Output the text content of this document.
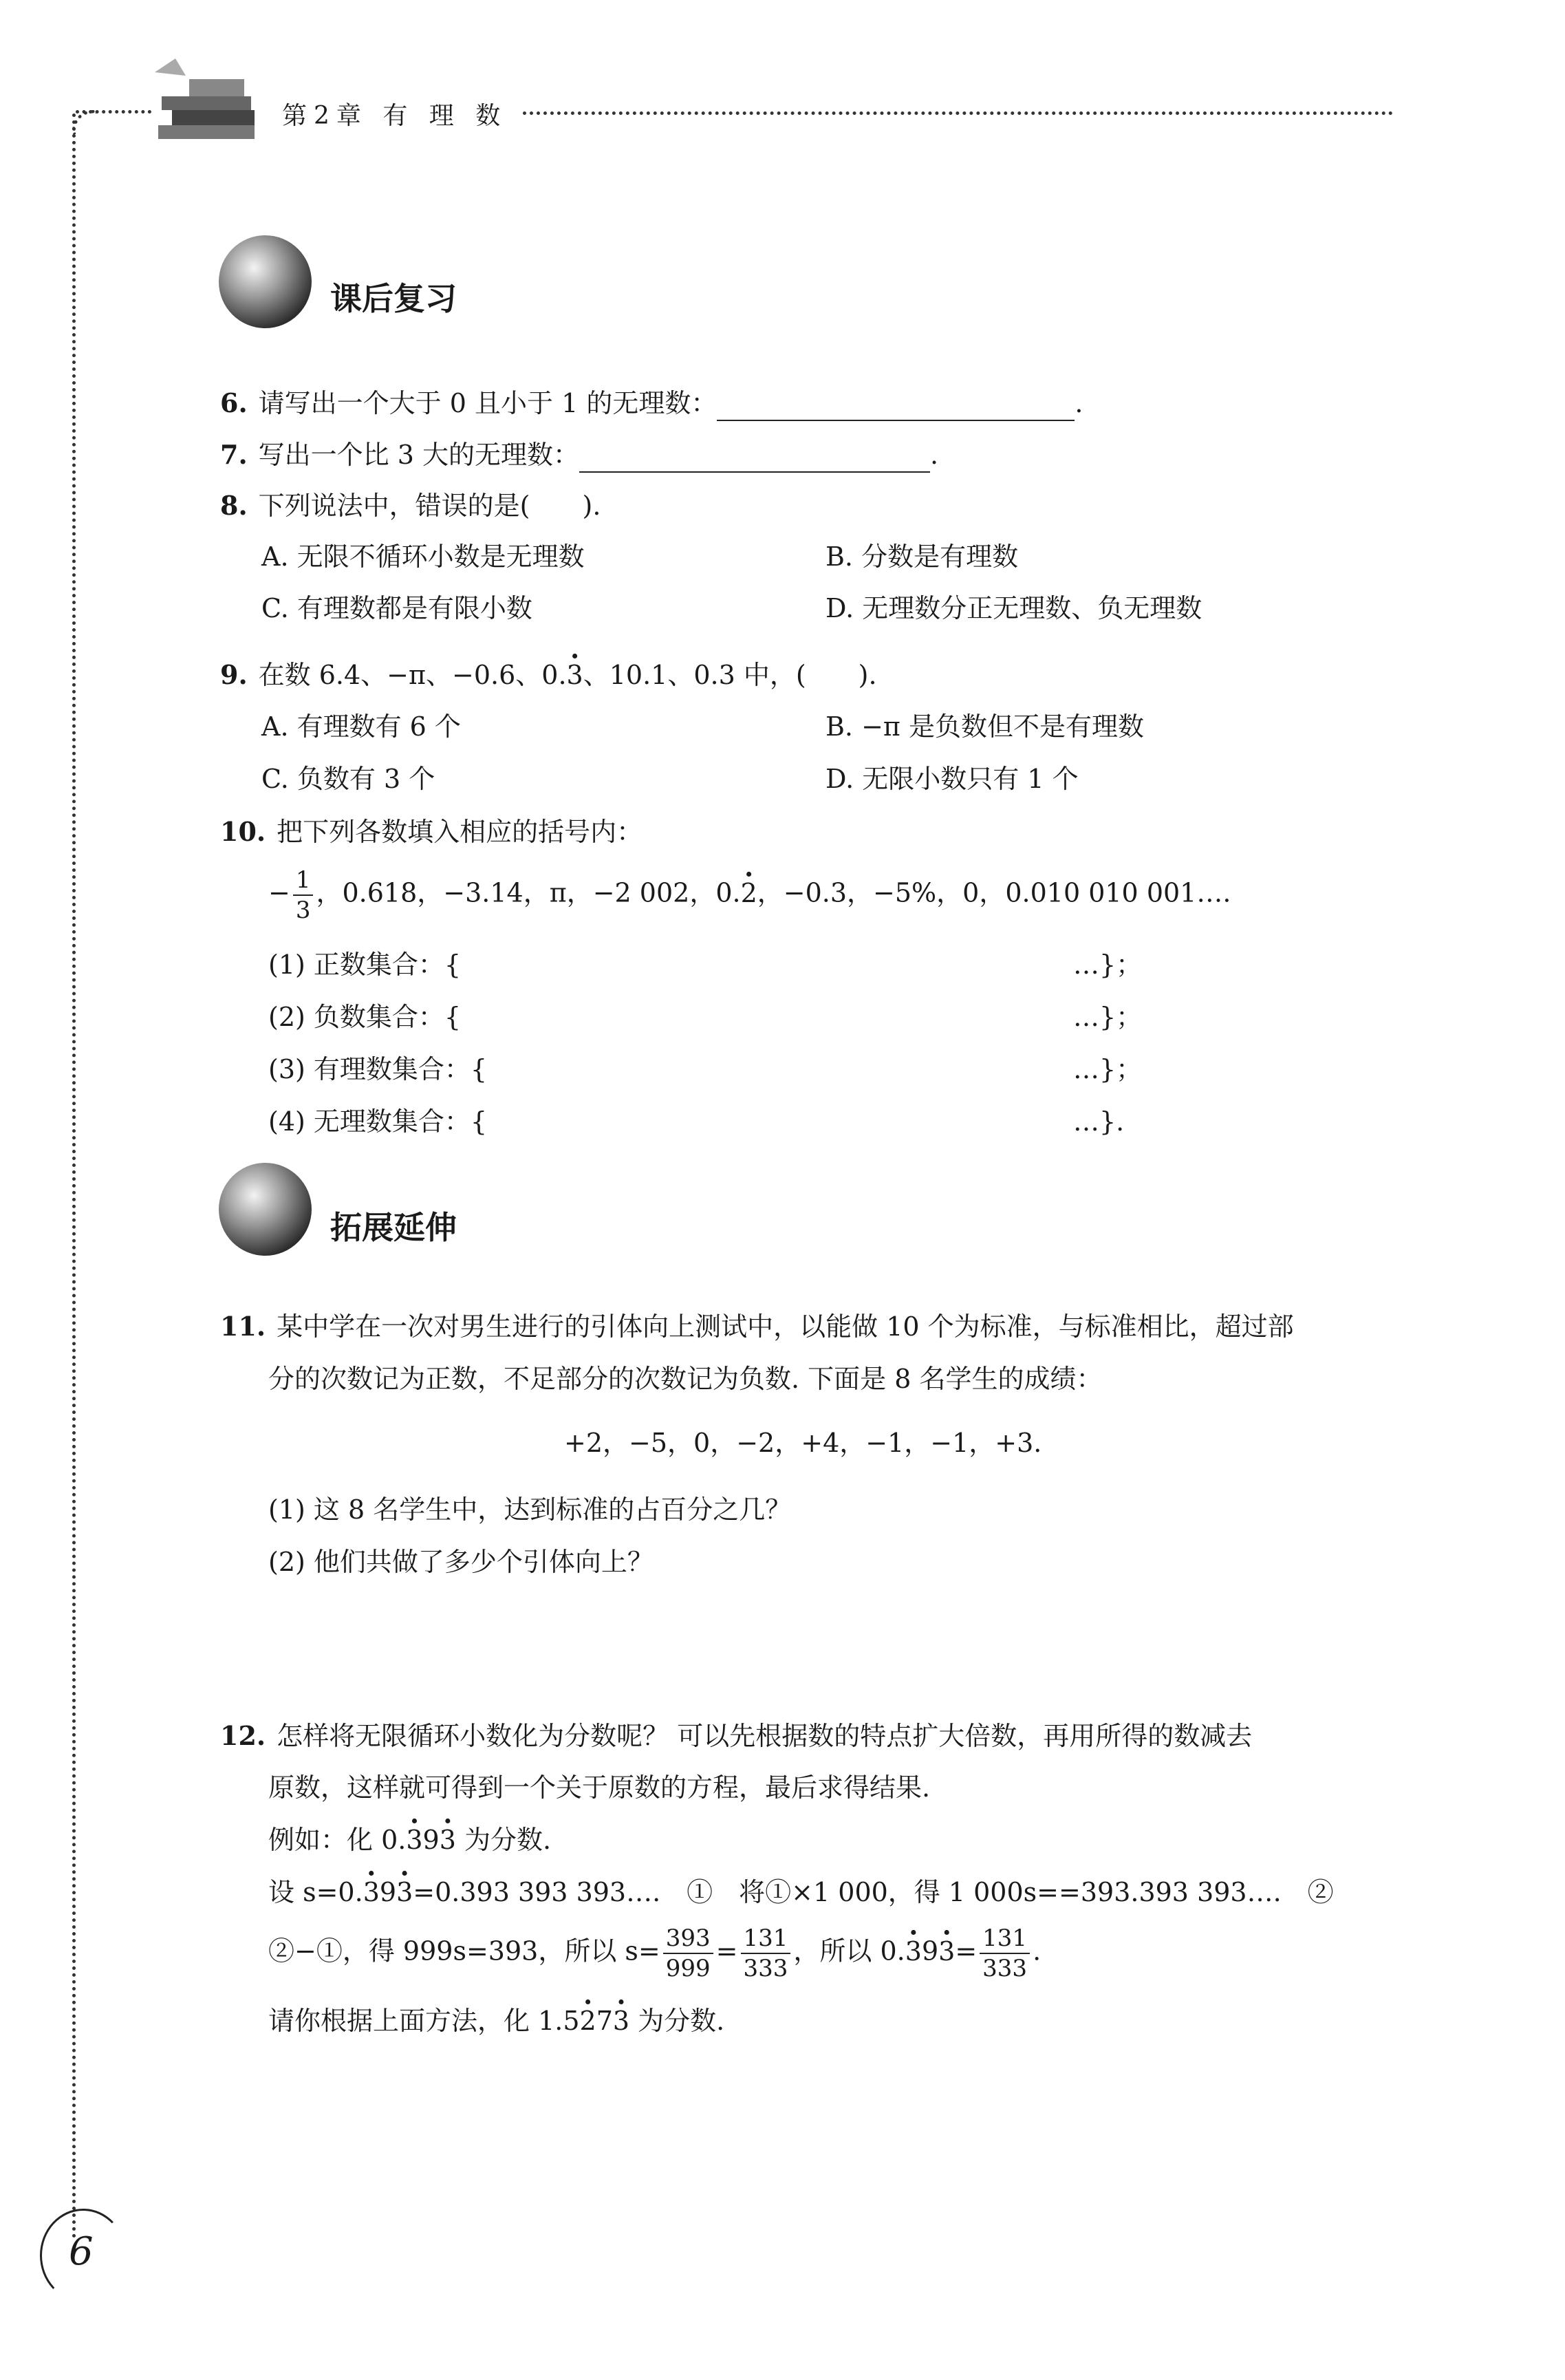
第2章 有 理 数
课后复习
6. 请写出一个大于 0 且小于 1 的无理数：	.
7. 写出一个比 3 大的无理数：	.
8. 下列说法中，错误的是(　　).
A. 无限不循环小数是无理数	B. 分数是有理数
C. 有理数都是有限小数	D. 无理数分正无理数、负无理数
9. 在数 6.4、−π、−0.6、0.3 ·、10.1、0.3 中，(　　).
A. 有理数有 6 个	B. −π 是负数但不是有理数
C. 负数有 3 个	D. 无限小数只有 1 个
10. 把下列各数填入相应的括号内：
− $\frac{1}{3}$ ，0.618，−3.14，π，−2 002，0.2 ·，−0.3，−5%，0，0.010 010 001….
(1) 正数集合：{	…}；
(2) 负数集合：{	…}；
(3) 有理数集合：{	…}；
(4) 无理数集合：{	…}.
拓展延伸
11. 某中学在一次对男生进行的引体向上测试中，以能做 10 个为标准，与标准相比，超过部
分的次数记为正数，不足部分的次数记为负数. 下面是 8 名学生的成绩：
+2，−5，0，−2，+4，−1，−1，+3.
(1) 这 8 名学生中，达到标准的占百分之几？
(2) 他们共做了多少个引体向上？
12. 怎样将无限循环小数化为分数呢？ 可以先根据数的特点扩大倍数，再用所得的数减去
原数，这样就可得到一个关于原数的方程，最后求得结果.
例如：化 0.3 ·93 · 为分数.
设 s=0.3 ·93 ·=0.393 393 393….　①　将①×1 000，得 1 000s==393.393 393….　②
②−①，得 999s=393，所以 $s= \frac{393}{999} = \frac{131}{333}$ ，所以 $0.3 \cdot 93 \cdot= \frac{131}{333}$ .
请你根据上面方法，化 1.52 ·73 · 为分数.
6
